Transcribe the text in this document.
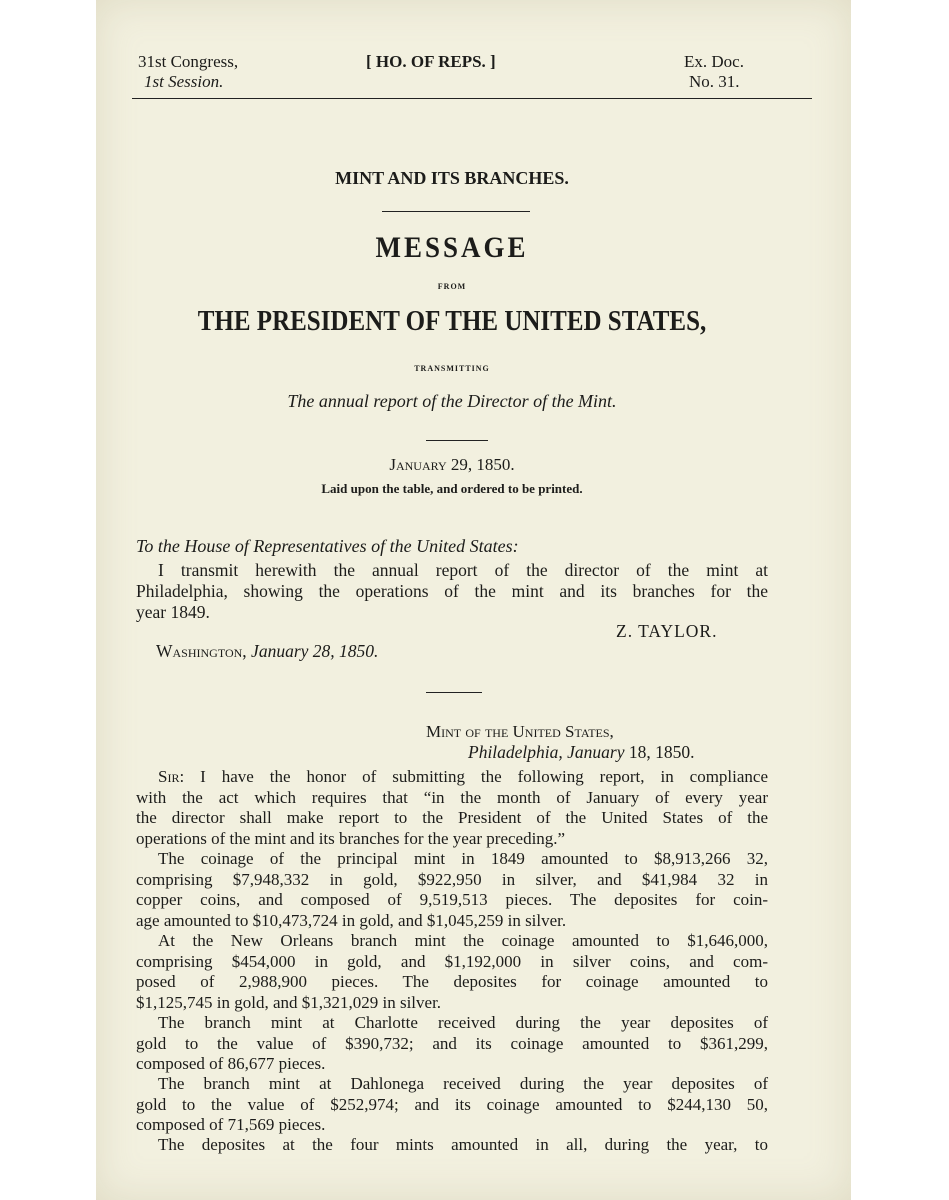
31st Congress,
1st Session.
[ HO. OF REPS. ]	Ex. Doc.
No. 31.
MINT AND ITS BRANCHES.
MESSAGE
FROM
THE PRESIDENT OF THE UNITED STATES,
TRANSMITTING
The annual report of the Director of the Mint.
January 29, 1850.
Laid upon the table, and ordered to be printed.
To the House of Representatives of the United States:
I transmit herewith the annual report of the director of the mint at
Philadelphia, showing the operations of the mint and its branches for the
year 1849.
Z. TAYLOR.
Washington, January 28, 1850.
Mint of the United States,
Philadelphia, January 18, 1850.
Sir: I have the honor of submitting the following report, in compliance
with the act which requires that “in the month of January of every year
the director shall make report to the President of the United States of the
operations of the mint and its branches for the year preceding.”
The coinage of the principal mint in 1849 amounted to $8,913,266 32,
comprising $7,948,332 in gold, $922,950 in silver, and $41,984 32 in
copper coins, and composed of 9,519,513 pieces. The deposites for coin-
age amounted to $10,473,724 in gold, and $1,045,259 in silver.
At the New Orleans branch mint the coinage amounted to $1,646,000,
comprising $454,000 in gold, and $1,192,000 in silver coins, and com-
posed of 2,988,900 pieces. The deposites for coinage amounted to
$1,125,745 in gold, and $1,321,029 in silver.
The branch mint at Charlotte received during the year deposites of
gold to the value of $390,732; and its coinage amounted to $361,299,
composed of 86,677 pieces.
The branch mint at Dahlonega received during the year deposites of
gold to the value of $252,974; and its coinage amounted to $244,130 50,
composed of 71,569 pieces.
The deposites at the four mints amounted in all, during the year, to
